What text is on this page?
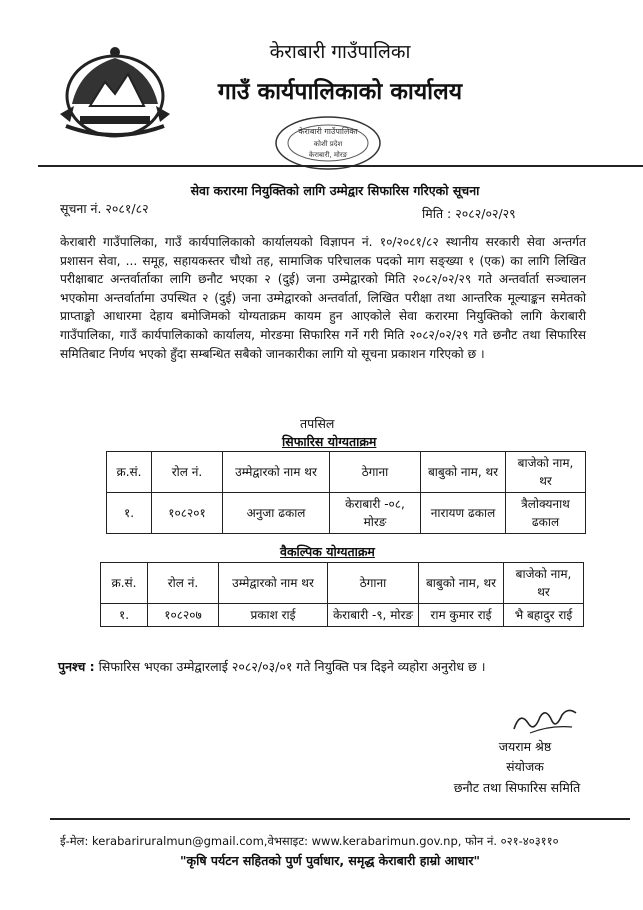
केराबारी गाउँपालिका
गाउँ कार्यपालिकाको कार्यालय
केराबारी गाउँपालिका
कोशी प्रदेश
केराबारी, मोरङ
सेवा करारमा नियुक्तिको लागि उम्मेद्वार सिफारिस गरिएको सूचना
सूचना नं. २०८१/८२	मिति : २०८२/०२/२९
केराबारी गाउँपालिका, गाउँ कार्यपालिकाको कार्यालयको विज्ञापन नं. १०/२०८१/८२ स्थानीय सरकारी सेवा अन्तर्गत प्रशासन सेवा, ... समूह, सहायकस्तर चौथो तह, सामाजिक परिचालक पदको माग सङ्ख्या १ (एक) का लागि लिखित परीक्षाबाट अन्तर्वार्ताका लागि छनौट भएका २ (दुई) जना उम्मेद्वारको मिति २०८२/०२/२९ गते अन्तर्वार्ता सञ्चालन भएकोमा अन्तर्वार्तामा उपस्थित २ (दुई) जना उम्मेद्वारको अन्तर्वार्ता, लिखित परीक्षा तथा आन्तरिक मूल्याङ्कन समेतको प्राप्ताङ्को आधारमा देहाय बमोजिमको योग्यताक्रम कायम हुन आएकोले सेवा करारमा नियुक्तिको लागि केराबारी गाउँपालिका, गाउँ कार्यपालिकाको कार्यालय, मोरङमा सिफारिस गर्ने गरी मिति २०८२/०२/२९ गते छनौट तथा सिफारिस समितिबाट निर्णय भएको हुँदा सम्बन्धित सबैको जानकारीका लागि यो सूचना प्रकाशन गरिएको छ ।
तपसिल
सिफारिस योग्यताक्रम
क्र.सं.	रोल नं.	उम्मेद्वारको नाम थर	ठेगाना	बाबुको नाम, थर	बाजेको नाम, थर
१.	१०८२०१	अनुजा ढकाल	केराबारी -०८, मोरङ	नारायण ढकाल	त्रैलोक्यनाथ ढकाल
वैकल्पिक योग्यताक्रम
क्र.सं.	रोल नं.	उम्मेद्वारको नाम थर	ठेगाना	बाबुको नाम, थर	बाजेको नाम, थर
१.	१०८२०७	प्रकाश राई	केराबारी -९, मोरङ	राम कुमार राई	भै बहादुर राई
पुनश्च : सिफारिस भएका उम्मेद्वारलाई २०८२/०३/०१ गते नियुक्ति पत्र दिइने व्यहोरा अनुरोध छ ।
जयराम श्रेष्ठ
संयोजक
छनौट तथा सिफारिस समिति
ई-मेल: kerabariruralmun@gmail.com,वेभसाइट: www.kerabarimun.gov.np, फोन नं. ०२१-४०३११०
"कृषि पर्यटन सहितको पुर्ण पुर्वाधार, समृद्ध केराबारी हाम्रो आधार"
